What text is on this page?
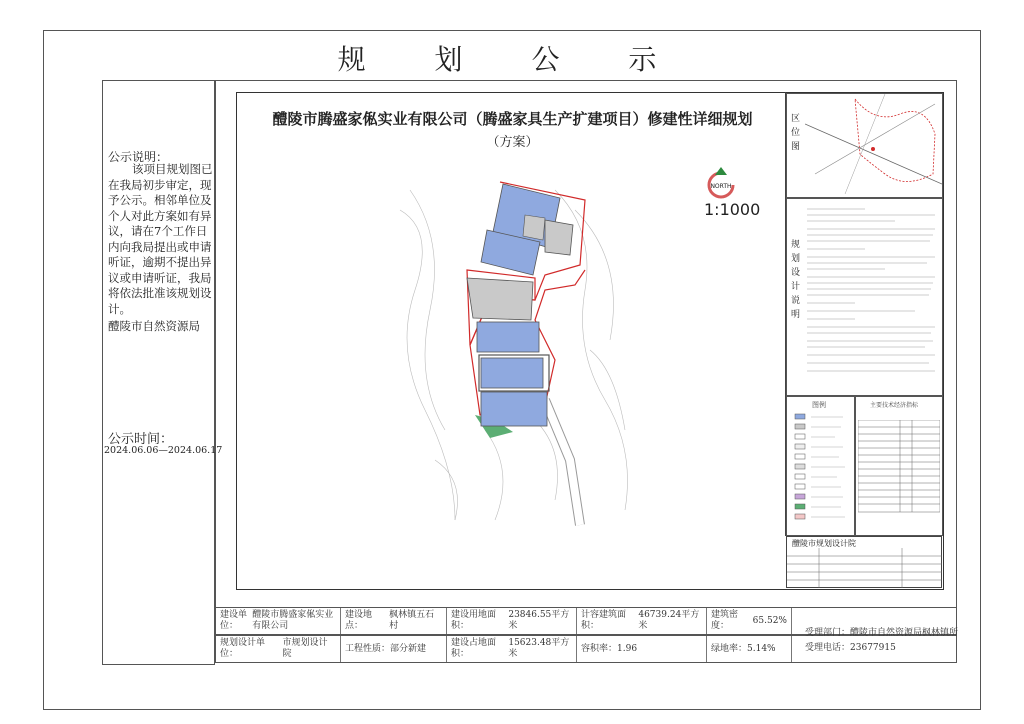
规 划 公 示
公示说明：
该项目规划图已在我局初步审定，现予公示。相邻单位及个人对此方案如有异议，请在7个工作日内向我局提出或申请听证，逾期不提出异议或申请听证，我局将依法批准该规划设计。
醴陵市自然资源局
公示时间：
2024.06.06—2024.06.17
醴陵市腾盛家俬实业有限公司（腾盛家具生产扩建项目）修建性详细规划
（方案）
NORTH
1:1000
区位图
规划设计说明
图例	主要技术经济指标
醴陵市规划设计院
建设单位：
醴陵市腾盛家俬实业有限公司
建设地点：
枫林镇五石村
建设用地面积：
23846.55平方米
计容建筑面积：
46739.24平方米
建筑密度：
65.52%
规划设计单位：
市规划设计院
工程性质： 部分新建
建设占地面积：
15623.48平方米
容积率： 1.96	绿地率： 5.14%
受理部门：醴陵市自然资源局枫林镇所
受理电话：23677915
